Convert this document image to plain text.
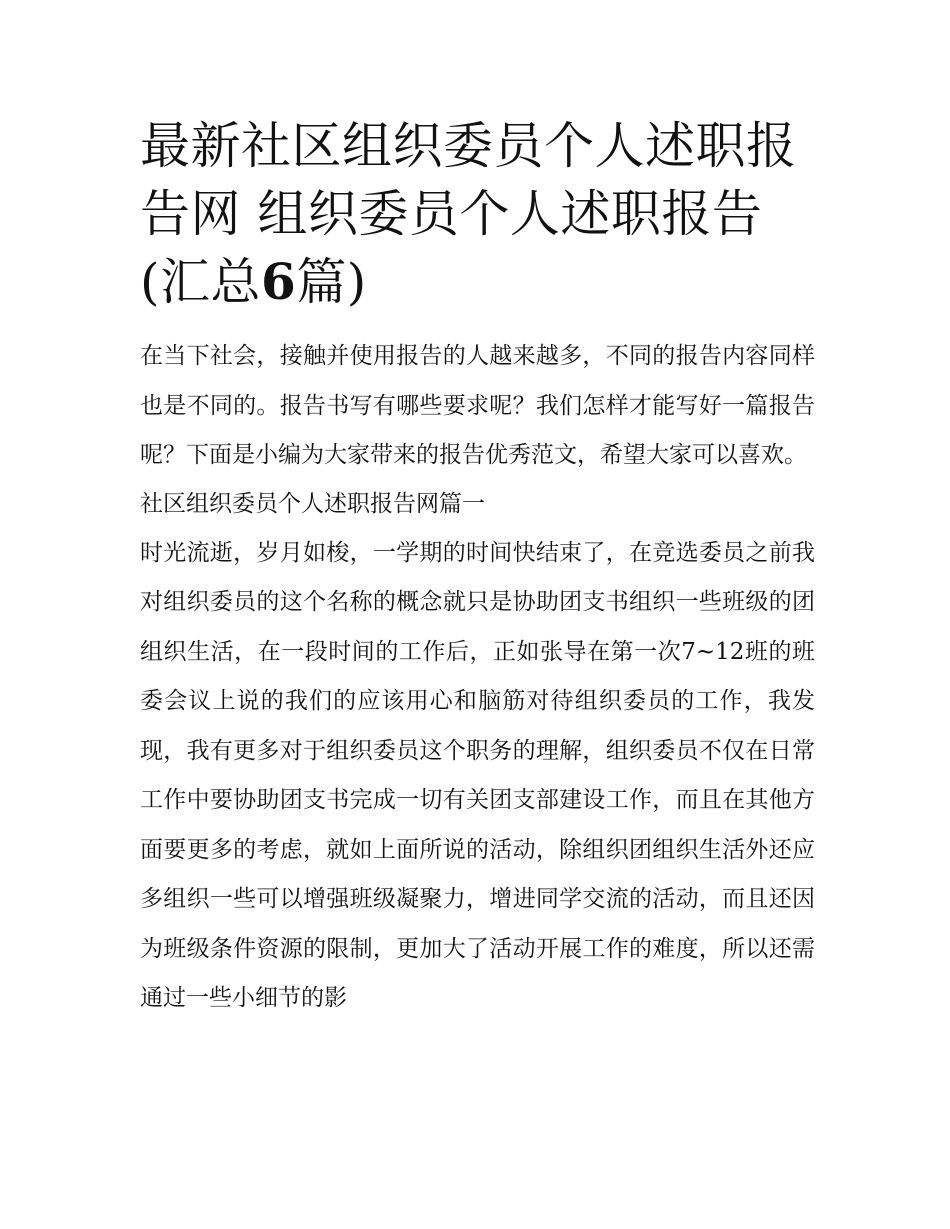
最新社区组织委员个人述职报告网 组织委员个人述职报告(汇总6篇)

在当下社会，接触并使用报告的人越来越多，不同的报告内容同样也是不同的。报告书写有哪些要求呢？我们怎样才能写好一篇报告呢？下面是小编为大家带来的报告优秀范文，希望大家可以喜欢。

社区组织委员个人述职报告网篇一

时光流逝，岁月如梭，一学期的时间快结束了，在竞选委员之前我对组织委员的这个名称的概念就只是协助团支书组织一些班级的团组织生活，在一段时间的工作后，正如张导在第一次7~12班的班委会议上说的我们的应该用心和脑筋对待组织委员的工作，我发现，我有更多对于组织委员这个职务的理解，组织委员不仅在日常工作中要协助团支书完成一切有关团支部建设工作，而且在其他方面要更多的考虑，就如上面所说的活动，除组织团组织生活外还应多组织一些可以增强班级凝聚力，增进同学交流的活动，而且还因为班级条件资源的限制，更加大了活动开展工作的难度，所以还需通过一些小细节的影
